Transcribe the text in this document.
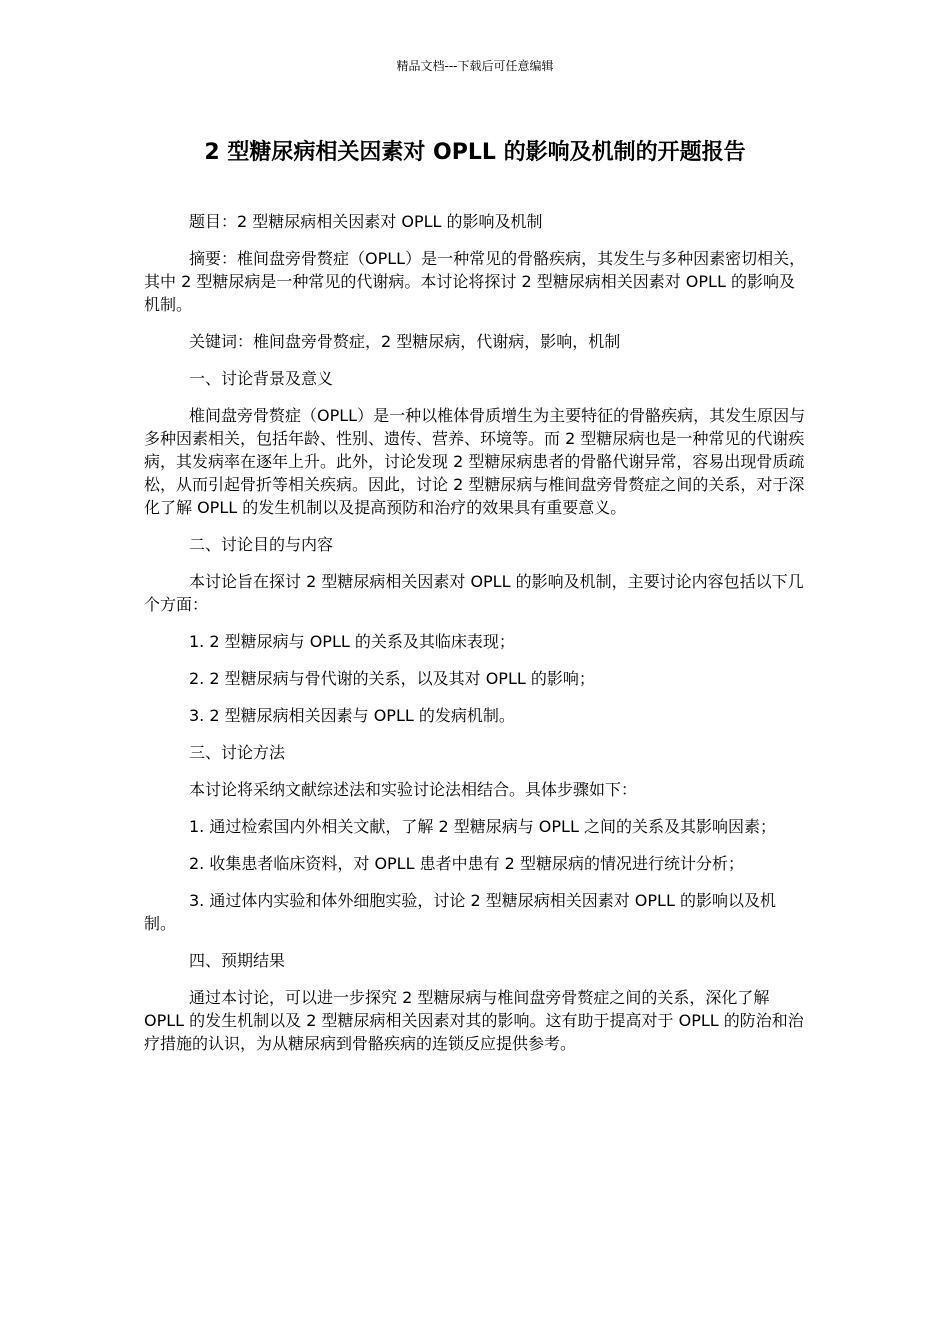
精品文档---下载后可任意编辑
2 型糖尿病相关因素对 OPLL 的影响及机制的开题报告

题目：2 型糖尿病相关因素对 OPLL 的影响及机制

摘要：椎间盘旁骨赘症（OPLL）是一种常见的骨骼疾病，其发生与多种因素密切相关，其中 2 型糖尿病是一种常见的代谢病。本讨论将探讨 2 型糖尿病相关因素对 OPLL 的影响及机制。

关键词：椎间盘旁骨赘症，2 型糖尿病，代谢病，影响，机制

一、讨论背景及意义

椎间盘旁骨赘症（OPLL）是一种以椎体骨质增生为主要特征的骨骼疾病，其发生原因与多种因素相关，包括年龄、性别、遗传、营养、环境等。而 2 型糖尿病也是一种常见的代谢疾病，其发病率在逐年上升。此外，讨论发现 2 型糖尿病患者的骨骼代谢异常，容易出现骨质疏松，从而引起骨折等相关疾病。因此，讨论 2 型糖尿病与椎间盘旁骨赘症之间的关系，对于深化了解 OPLL 的发生机制以及提高预防和治疗的效果具有重要意义。

二、讨论目的与内容

本讨论旨在探讨 2 型糖尿病相关因素对 OPLL 的影响及机制，主要讨论内容包括以下几个方面：

1. 2 型糖尿病与 OPLL 的关系及其临床表现；

2. 2 型糖尿病与骨代谢的关系，以及其对 OPLL 的影响；

3. 2 型糖尿病相关因素与 OPLL 的发病机制。

三、讨论方法

本讨论将采纳文献综述法和实验讨论法相结合。具体步骤如下：

1. 通过检索国内外相关文献，了解 2 型糖尿病与 OPLL 之间的关系及其影响因素；

2. 收集患者临床资料，对 OPLL 患者中患有 2 型糖尿病的情况进行统计分析；

3. 通过体内实验和体外细胞实验，讨论 2 型糖尿病相关因素对 OPLL 的影响以及机制。

四、预期结果

通过本讨论，可以进一步探究 2 型糖尿病与椎间盘旁骨赘症之间的关系，深化了解 OPLL 的发生机制以及 2 型糖尿病相关因素对其的影响。这有助于提高对于 OPLL 的防治和治疗措施的认识，为从糖尿病到骨骼疾病的连锁反应提供参考。
